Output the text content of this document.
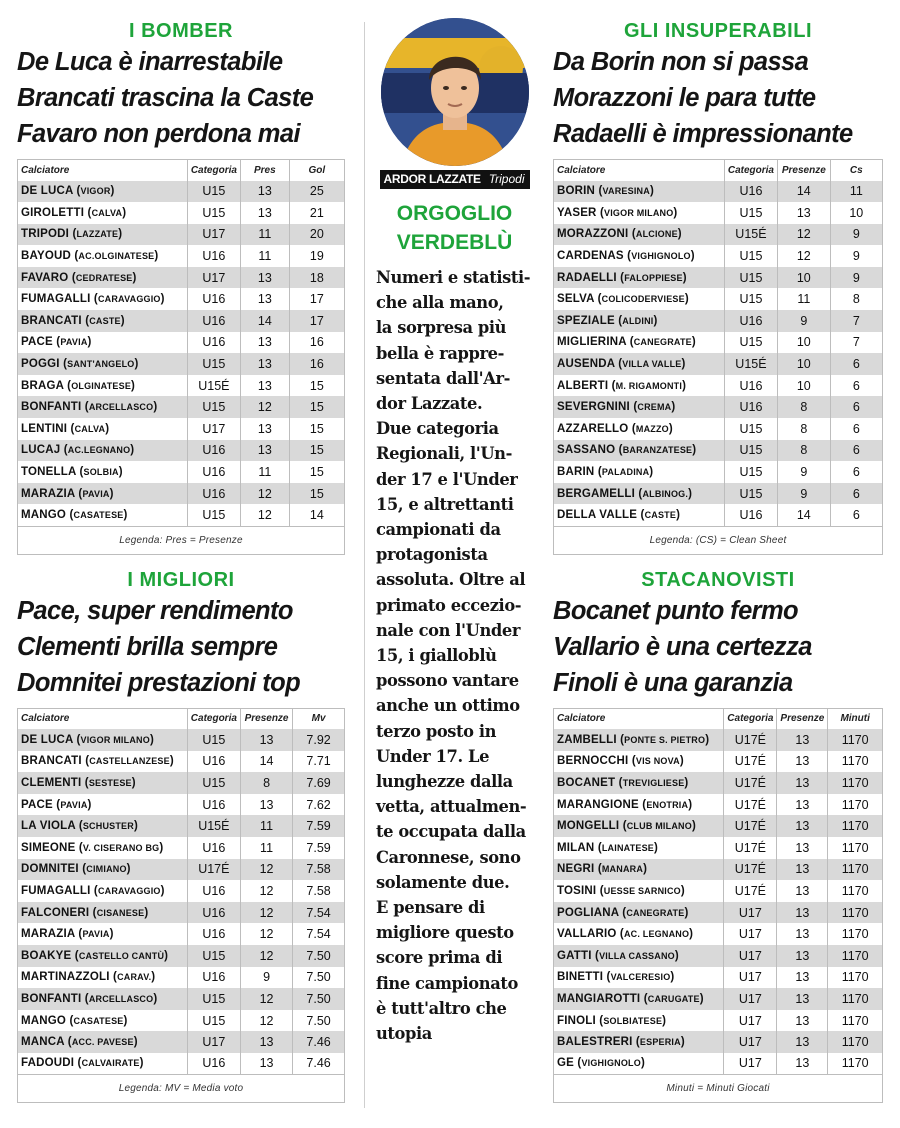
I BOMBER
De Luca è inarrestabile
Brancati trascina la Caste
Favaro non perdona mai
Calciatore	Categoria	Pres	Gol
DE LUCA (VIGOR)	U15	13	25
GIROLETTI (CALVA)	U15	13	21
TRIPODI (LAZZATE)	U17	11	20
BAYOUD (AC.OLGINATESE)	U16	11	19
FAVARO (CEDRATESE)	U17	13	18
FUMAGALLI (CARAVAGGIO)	U16	13	17
BRANCATI (CASTE)	U16	14	17
PACE (PAVIA)	U16	13	16
POGGI (SANT'ANGELO)	U15	13	16
BRAGA (OLGINATESE)	U15É	13	15
BONFANTI (ARCELLASCO)	U15	12	15
LENTINI (CALVA)	U17	13	15
LUCAJ (AC.LEGNANO)	U16	13	15
TONELLA (SOLBIA)	U16	11	15
MARAZIA (PAVIA)	U16	12	15
MANGO (CASATESE)	U15	12	14
Legenda: Pres = Presenze			
I MIGLIORI
Pace, super rendimento
Clementi brilla sempre
Domnitei prestazioni top
Calciatore	Categoria	Presenze	Mv
DE LUCA (VIGOR MILANO)	U15	13	7.92
BRANCATI (CASTELLANZESE)	U16	14	7.71
CLEMENTI (SESTESE)	U15	8	7.69
PACE (PAVIA)	U16	13	7.62
LA VIOLA (SCHUSTER)	U15É	11	7.59
SIMEONE (V. CISERANO BG)	U16	11	7.59
DOMNITEI (CIMIANO)	U17É	12	7.58
FUMAGALLI (CARAVAGGIO)	U16	12	7.58
FALCONERI (CISANESE)	U16	12	7.54
MARAZIA (PAVIA)	U16	12	7.54
BOAKYE (CASTELLO CANTÙ)	U15	12	7.50
MARTINAZZOLI (CARAV.)	U16	9	7.50
BONFANTI (ARCELLASCO)	U15	12	7.50
MANGO (CASATESE)	U15	12	7.50
MANCA (ACC. PAVESE)	U17	13	7.46
FADOUDI (CALVAIRATE)	U16	13	7.46
Legenda: MV = Media voto			
ARDOR LAZZATE Tripodi
ORGOGLIO
VERDEBLÙ
Numeri e statisti-
che alla mano,
la sorpresa più
bella è rappre-
sentata dall'Ar-
dor Lazzate.
Due categoria
Regionali, l'Un-
der 17 e l'Under
15, e altrettanti
campionati da
protagonista
assoluta. Oltre al
primato eccezio-
nale con l'Under
15, i gialloblù
possono vantare
anche un ottimo
terzo posto in
Under 17. Le
lunghezze dalla
vetta, attualmen-
te occupata dalla
Caronnese, sono
solamente due.
E pensare di
migliore questo
score prima di
fine campionato
è tutt'altro che
utopia
GLI INSUPERABILI
Da Borin non si passa
Morazzoni le para tutte
Radaelli è impressionante
Calciatore	Categoria	Presenze	Cs
BORIN (VARESINA)	U16	14	11
YASER (VIGOR MILANO)	U15	13	10
MORAZZONI (ALCIONE)	U15É	12	9
CARDENAS (VIGHIGNOLO)	U15	12	9
RADAELLI (FALOPPIESE)	U15	10	9
SELVA (COLICODERVIESE)	U15	11	8
SPEZIALE (ALDINI)	U16	9	7
MIGLIERINA (CANEGRATE)	U15	10	7
AUSENDA (VILLA VALLE)	U15É	10	6
ALBERTI (M. RIGAMONTI)	U16	10	6
SEVERGNINI (CREMA)	U16	8	6
AZZARELLO (MAZZO)	U15	8	6
SASSANO (BARANZATESE)	U15	8	6
BARIN (PALADINA)	U15	9	6
BERGAMELLI (ALBINOG.)	U15	9	6
DELLA VALLE (CASTE)	U16	14	6
Legenda: (CS) = Clean Sheet			
STACANOVISTI
Bocanet punto fermo
Vallario è una certezza
Finoli è una garanzia
Calciatore	Categoria	Presenze	Minuti
ZAMBELLI (PONTE S. PIETRO)	U17É	13	1170
BERNOCCHI (VIS NOVA)	U17É	13	1170
BOCANET (TREVIGLIESE)	U17É	13	1170
MARANGIONE (ENOTRIA)	U17É	13	1170
MONGELLI (CLUB MILANO)	U17É	13	1170
MILAN (LAINATESE)	U17É	13	1170
NEGRI (MANARA)	U17É	13	1170
TOSINI (UESSE SARNICO)	U17É	13	1170
POGLIANA (CANEGRATE)	U17	13	1170
VALLARIO (AC. LEGNANO)	U17	13	1170
GATTI (VILLA CASSANO)	U17	13	1170
BINETTI (VALCERESIO)	U17	13	1170
MANGIAROTTI (CARUGATE)	U17	13	1170
FINOLI (SOLBIATESE)	U17	13	1170
BALESTRERI (ESPERIA)	U17	13	1170
GE (VIGHIGNOLO)	U17	13	1170
Minuti = Minuti Giocati			
